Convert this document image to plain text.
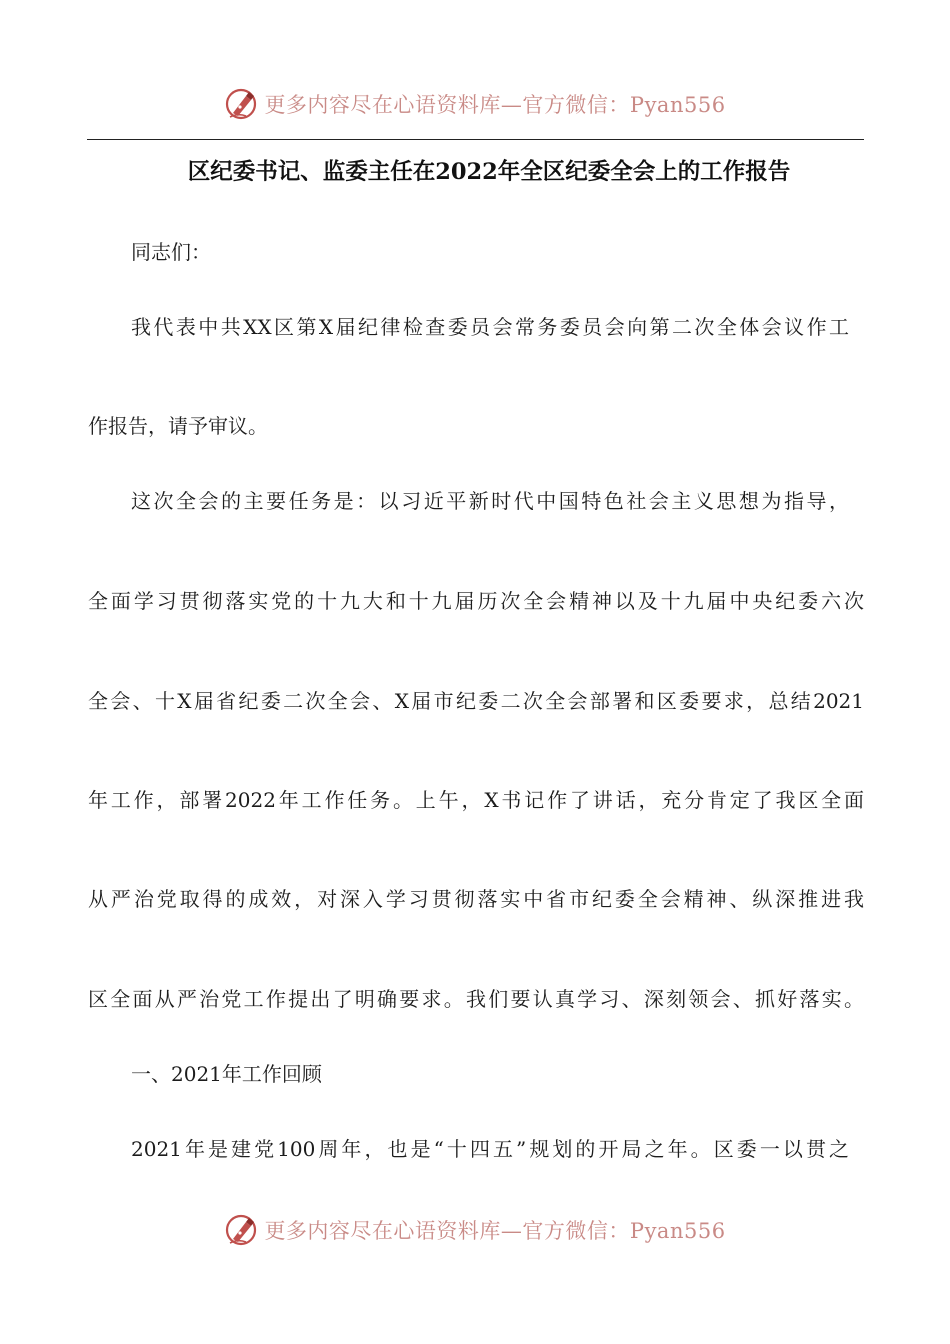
更多内容尽在心语资料库—官方微信：Pyan556
区纪委书记、监委主任在2022年全区纪委全会上的工作报告
同志们：
我代表中共XX区第X届纪律检查委员会常务委员会向第二次全体会议作工
作报告，请予审议。
这次全会的主要任务是：以习近平新时代中国特色社会主义思想为指导，
全面学习贯彻落实党的十九大和十九届历次全会精神以及十九届中央纪委六次
全会、十X届省纪委二次全会、X届市纪委二次全会部署和区委要求，总结2021
年工作，部署2022年工作任务。上午，X书记作了讲话，充分肯定了我区全面
从严治党取得的成效，对深入学习贯彻落实中省市纪委全会精神、纵深推进我
区全面从严治党工作提出了明确要求。我们要认真学习、深刻领会、抓好落实。
一、2021年工作回顾
2021年是建党100周年，也是“十四五”规划的开局之年。区委一以贯之
更多内容尽在心语资料库—官方微信：Pyan556
